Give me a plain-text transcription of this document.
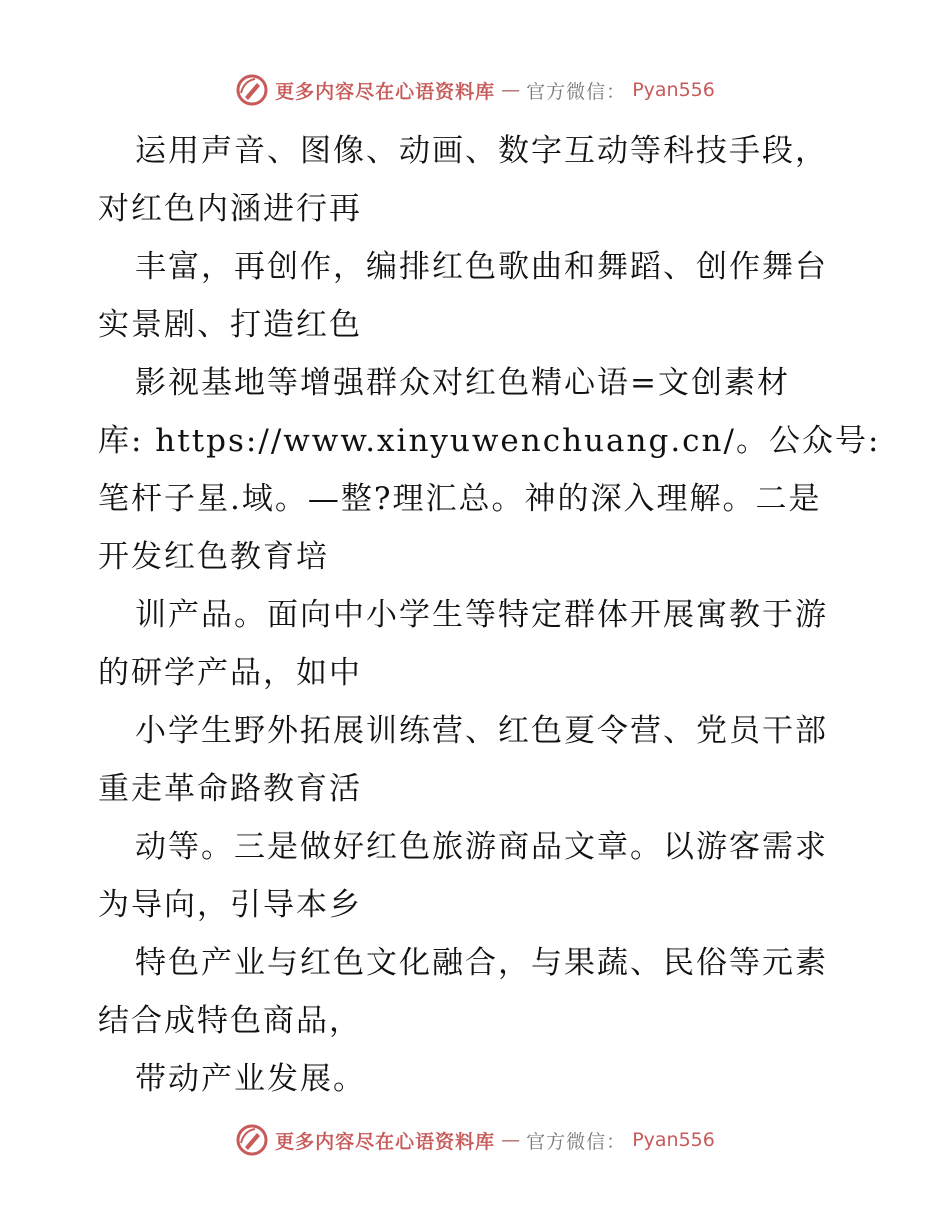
更多内容尽在心语资料库 — 官方微信： Pyan556
运用声音、图像、动画、数字互动等科技手段，
对红色内涵进行再
丰富，再创作，编排红色歌曲和舞蹈、创作舞台
实景剧、打造红色
影视基地等增强群众对红色精心语=文创素材
库: https://www.xinyuwenchuang.cn/。公众号:
笔杆子星.域。—整?理汇总。神的深入理解。二是
开发红色教育培
训产品。面向中小学生等特定群体开展寓教于游
的研学产品，如中
小学生野外拓展训练营、红色夏令营、党员干部
重走革命路教育活
动等。三是做好红色旅游商品文章。以游客需求
为导向，引导本乡
特色产业与红色文化融合，与果蔬、民俗等元素
结合成特色商品，
带动产业发展。
更多内容尽在心语资料库 — 官方微信： Pyan556
